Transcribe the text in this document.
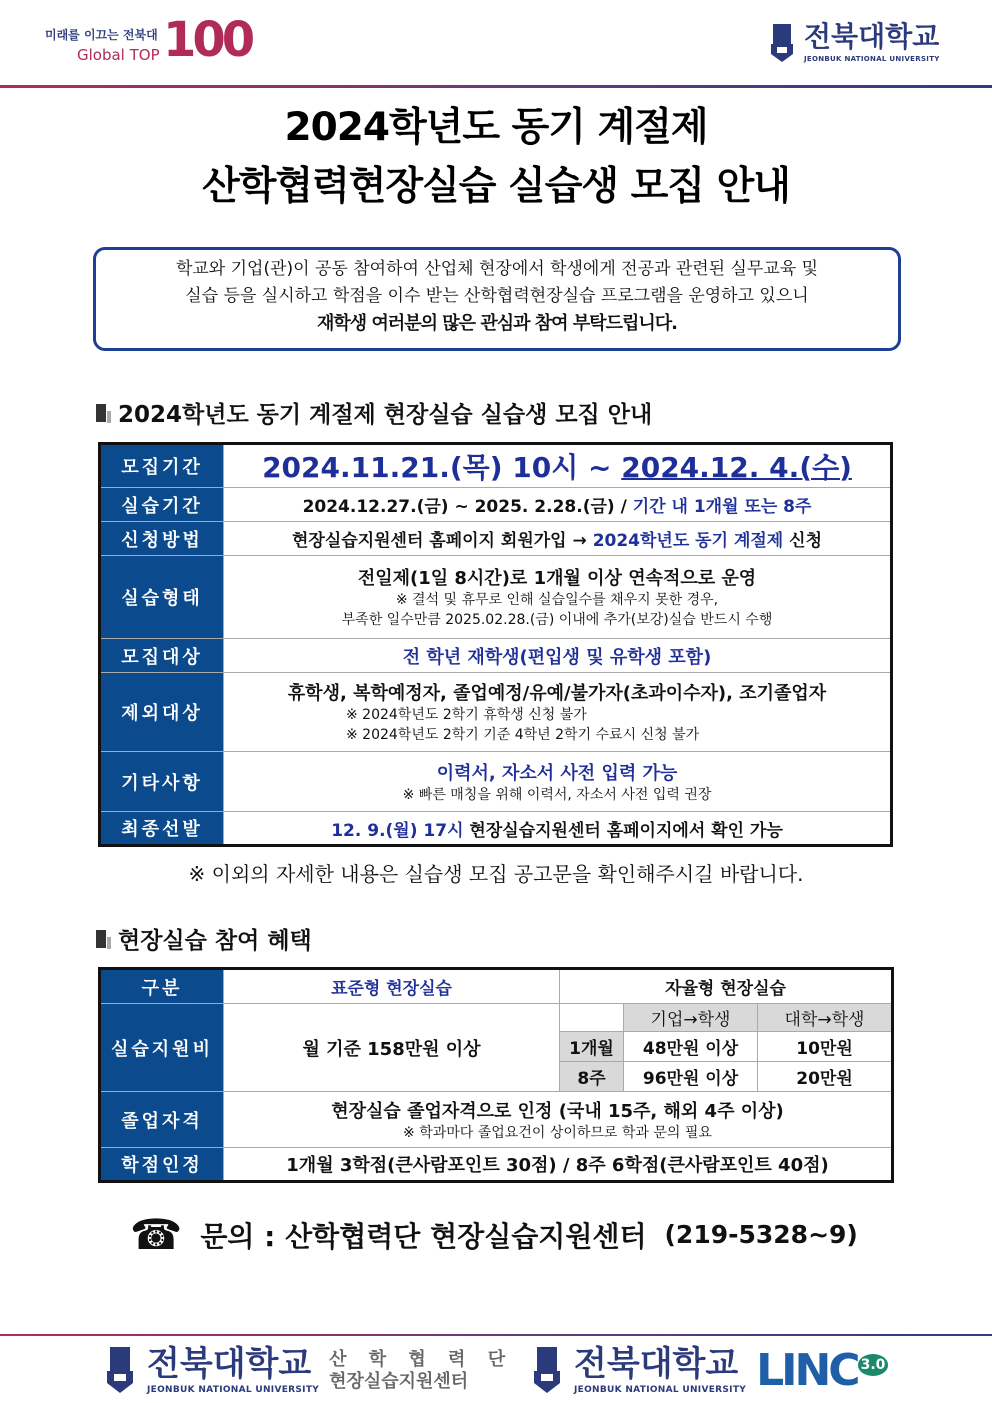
미래를 이끄는 전북대
Global TOP 100	전북대학교
JEONBUK NATIONAL UNIVERSITY
2024학년도 동기 계절제
산학협력현장실습 실습생 모집 안내
학교와 기업(관)이 공동 참여하여 산업체 현장에서 학생에게 전공과 관련된 실무교육 및
실습 등을 실시하고 학점을 이수 받는 산학협력현장실습 프로그램을 운영하고 있으니
재학생 여러분의 많은 관심과 참여 부탁드립니다.
2024학년도 동기 계절제 현장실습 실습생 모집 안내
모집기간	2024.11.21.(목) 10시 ~ 2024.12. 4.(수)
실습기간	2024.12.27.(금) ~ 2025. 2.28.(금) / 기간 내 1개월 또는 8주
신청방법	현장실습지원센터 홈페이지 회원가입 → 2024학년도 동기 계절제 신청
실습형태	전일제(1일 8시간)로 1개월 이상 연속적으로 운영
※ 결석 및 휴무로 인해 실습일수를 채우지 못한 경우,
부족한 일수만큼 2025.02.28.(금) 이내에 추가(보강)실습 반드시 수행

모집대상	전 학년 재학생(편입생 및 유학생 포함)
제외대상	휴학생, 복학예정자, 졸업예정/유예/불가자(초과이수자), 조기졸업자
※ 2024학년도 2학기 휴학생 신청 불가
※ 2024학년도 2학기 기준 4학년 2학기 수료시 신청 불가

기타사항	이력서, 자소서 사전 입력 가능
※ 빠른 매칭을 위해 이력서, 자소서 사전 입력 권장

최종선발	12. 9.(월) 17시 현장실습지원센터 홈페이지에서 확인 가능
※ 이외의 자세한 내용은 실습생 모집 공고문을 확인해주시길 바랍니다.
현장실습 참여 혜택
구분	표준형 현장실습	자율형 현장실습		
실습지원비	월 기준 158만원 이상		기업→학생	대학→학생
		1개월	48만원 이상	10만원
		8주	96만원 이상	20만원
졸업자격	현장실습 졸업자격으로 인정 (국내 15주, 해외 4주 이상)
※ 학과마다 졸업요건이 상이하므로 학과 문의 필요			

학점인정	1개월 3학점(큰사람포인트 30점) / 8주 6학점(큰사람포인트 40점)			
☎ 문의 : 산학협력단 현장실습지원센터 (219-5328~9)
전북대학교
JEONBUK NATIONAL UNIVERSITY
산 학 협 력 단
현장실습지원센터	전북대학교
JEONBUK NATIONAL UNIVERSITY LINC $^{3.0}$
